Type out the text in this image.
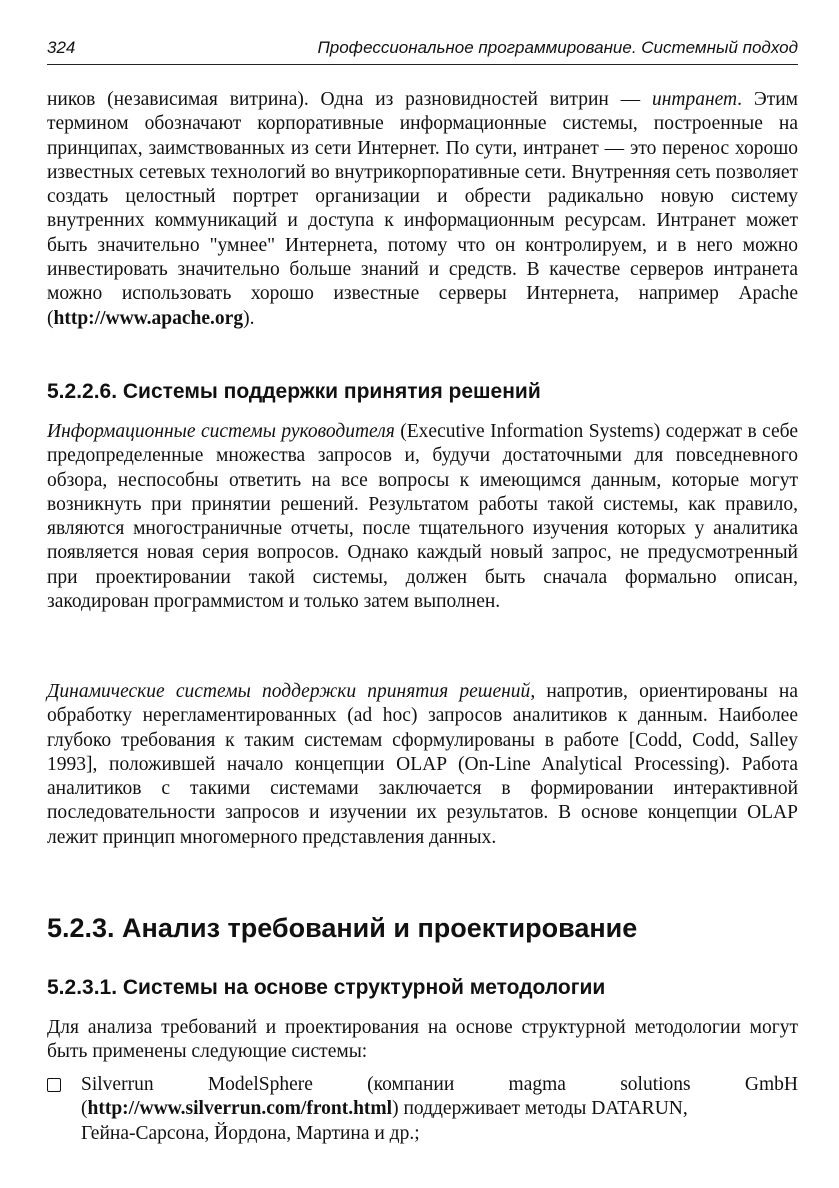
324	Профессиональное программирование. Системный подход

ников (независимая витрина). Одна из разновидностей витрин — интранет. Этим термином обозначают корпоративные информационные системы, построенные на принципах, заимствованных из сети Интернет. По сути, интранет — это перенос хорошо известных сетевых технологий во внутрикорпоративные сети. Внутренняя сеть позволяет создать целостный портрет организации и обрести радикально новую систему внутренних коммуникаций и доступа к информационным ресурсам. Интранет может быть значительно "умнее" Интернета, потому что он контролируем, и в него можно инвестировать значительно больше знаний и средств. В качестве серверов интранета можно использовать хорошо известные серверы Интернета, например Apache (http://www.apache.org).

5.2.2.6. Системы поддержки принятия решений

Информационные системы руководителя (Executive Information Systems) содержат в себе предопределенные множества запросов и, будучи достаточными для повседневного обзора, неспособны ответить на все вопросы к имеющимся данным, которые могут возникнуть при принятии решений. Результатом работы такой системы, как правило, являются многостраничные отчеты, после тщательного изучения которых у аналитика появляется новая серия вопросов. Однако каждый новый запрос, не предусмотренный при проектировании такой системы, должен быть сначала формально описан, закодирован программистом и только затем выполнен.

Динамические системы поддержки принятия решений, напротив, ориентированы на обработку нерегламентированных (ad hoc) запросов аналитиков к данным. Наиболее глубоко требования к таким системам сформулированы в работе [Codd, Codd, Salley 1993], положившей начало концепции OLAP (On-Line Analytical Processing). Работа аналитиков с такими системами заключается в формировании интерактивной последовательности запросов и изучении их результатов. В основе концепции OLAP лежит принцип многомерного представления данных.

5.2.3. Анализ требований и проектирование
5.2.3.1. Системы на основе структурной методологии

Для анализа требований и проектирования на основе структурной методологии могут быть применены следующие системы:

Silverrun ModelSphere (компании magma solutions GmbH
(http://www.silverrun.com/front.html) поддерживает методы DATARUN,
Гейна-Сарсона, Йордона, Мартина и др.;
